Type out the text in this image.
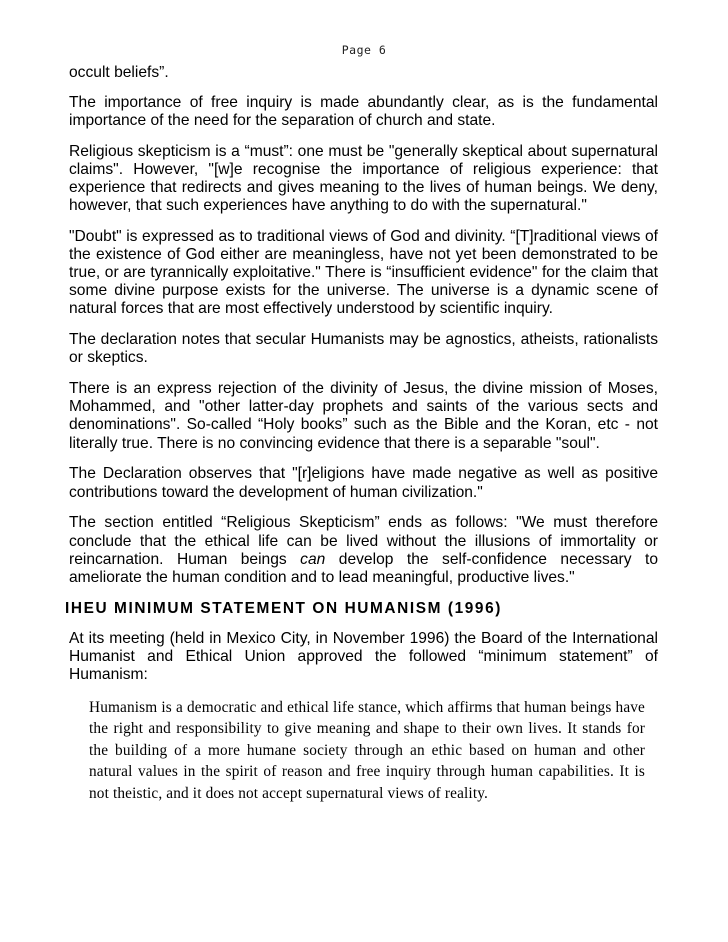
Page 6

occult beliefs”.

The importance of free inquiry is made abundantly clear, as is the fundamental importance of the need for the separation of church and state.

Religious skepticism is a “must”: one must be "generally skeptical about supernatural claims". However, "[w]e recognise the importance of religious experience: that experience that redirects and gives meaning to the lives of human beings. We deny, however, that such experiences have anything to do with the supernatural."

"Doubt" is expressed as to traditional views of God and divinity. “[T]raditional views of the existence of God either are meaningless, have not yet been demonstrated to be true, or are tyrannically exploitative." There is “insufficient evidence" for the claim that some divine purpose exists for the universe. The universe is a dynamic scene of natural forces that are most effectively understood by scientific inquiry.

The declaration notes that secular Humanists may be agnostics, atheists, rationalists or skeptics.

There is an express rejection of the divinity of Jesus, the divine mission of Moses, Mohammed, and "other latter-day prophets and saints of the various sects and denominations". So-called “Holy books” such as the Bible and the Koran, etc - not literally true. There is no convincing evidence that there is a separable "soul".

The Declaration observes that "[r]eligions have made negative as well as positive contributions toward the development of human civilization."

The section entitled “Religious Skepticism” ends as follows: "We must therefore conclude that the ethical life can be lived without the illusions of immortality or reincarnation. Human beings can develop the self-confidence necessary to ameliorate the human condition and to lead meaningful, productive lives."

IHEU MINIMUM STATEMENT ON HUMANISM (1996)

At its meeting (held in Mexico City, in November 1996) the Board of the International Humanist and Ethical Union approved the followed “minimum statement” of Humanism:

Humanism is a democratic and ethical life stance, which affirms that human beings have the right and responsibility to give meaning and shape to their own lives. It stands for the building of a more humane society through an ethic based on human and other natural values in the spirit of reason and free inquiry through human capabilities. It is not theistic, and it does not accept supernatural views of reality.
